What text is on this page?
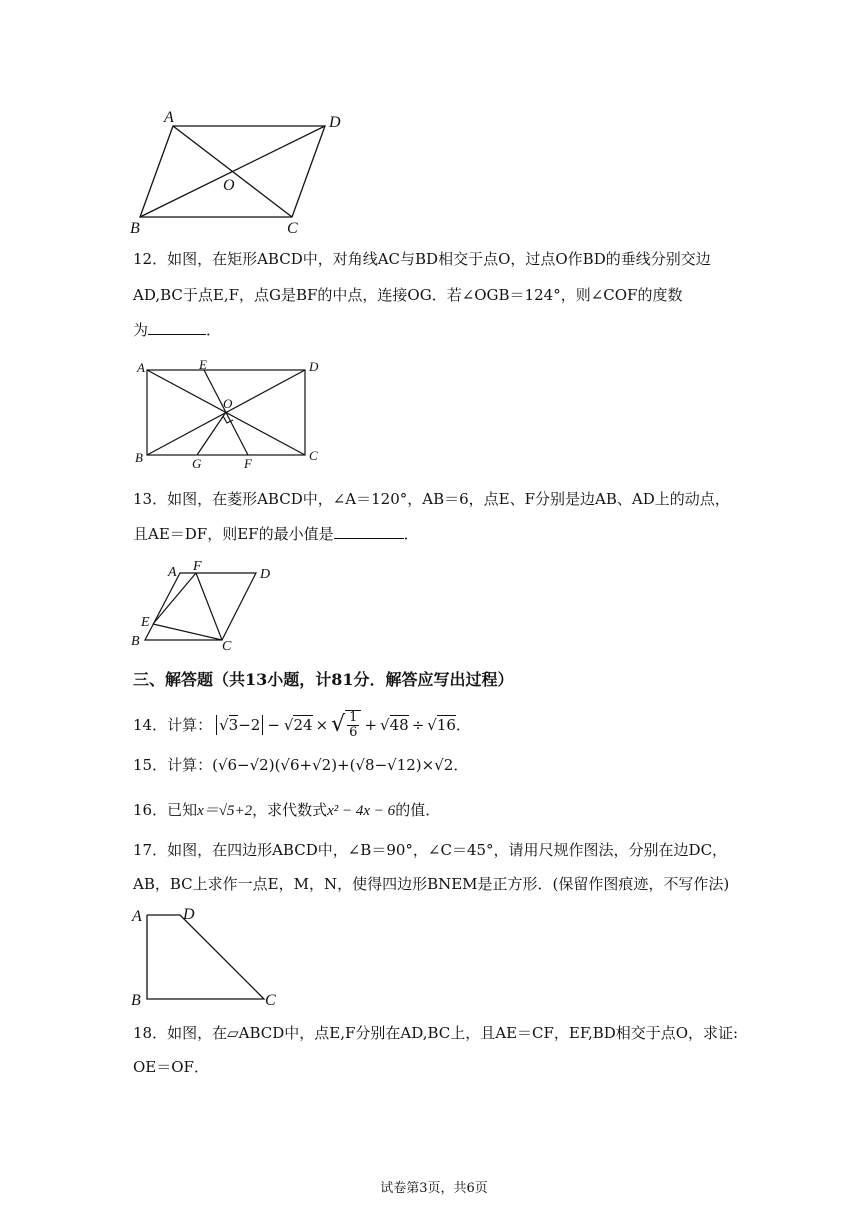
A	D
O
B	C
12．如图，在矩形ABCD中，对角线AC与BD相交于点O，过点O作BD的垂线分别交边
AD,BC于点E,F，点G是BF的中点，连接OG．若∠OGB＝124°，则∠COF的度数
为	．
A	E	D
O
B	G	F
C
13．如图，在菱形ABCD中，∠A＝120°，AB＝6，点E、F分别是边AB、AD上的动点，
且AE＝DF，则EF的最小值是	．
A F
D
E
B	C
三、解答题（共13小题，计81分．解答应写出过程）
14．计算： √3 −2 − √24 × √ $\frac{1}{6} + √48 \div √16$ ．
15．计算：(√6−√2)(√6+√2)+(√8−√12)×√2．
16．已知x＝√5+2，求代数式x² − 4x − 6的值．
17．如图，在四边形ABCD中，∠B＝90°，∠C＝45°，请用尺规作图法，分别在边DC，
AB，BC上求作一点E，M，N，使得四边形BNEM是正方形．(保留作图痕迹，不写作法)
A	D
B	C
18．如图，在▱ABCD中，点E,F分别在AD,BC上，且AE＝CF，EF,BD相交于点O，求证:
OE＝OF．
试卷第3页，共6页
